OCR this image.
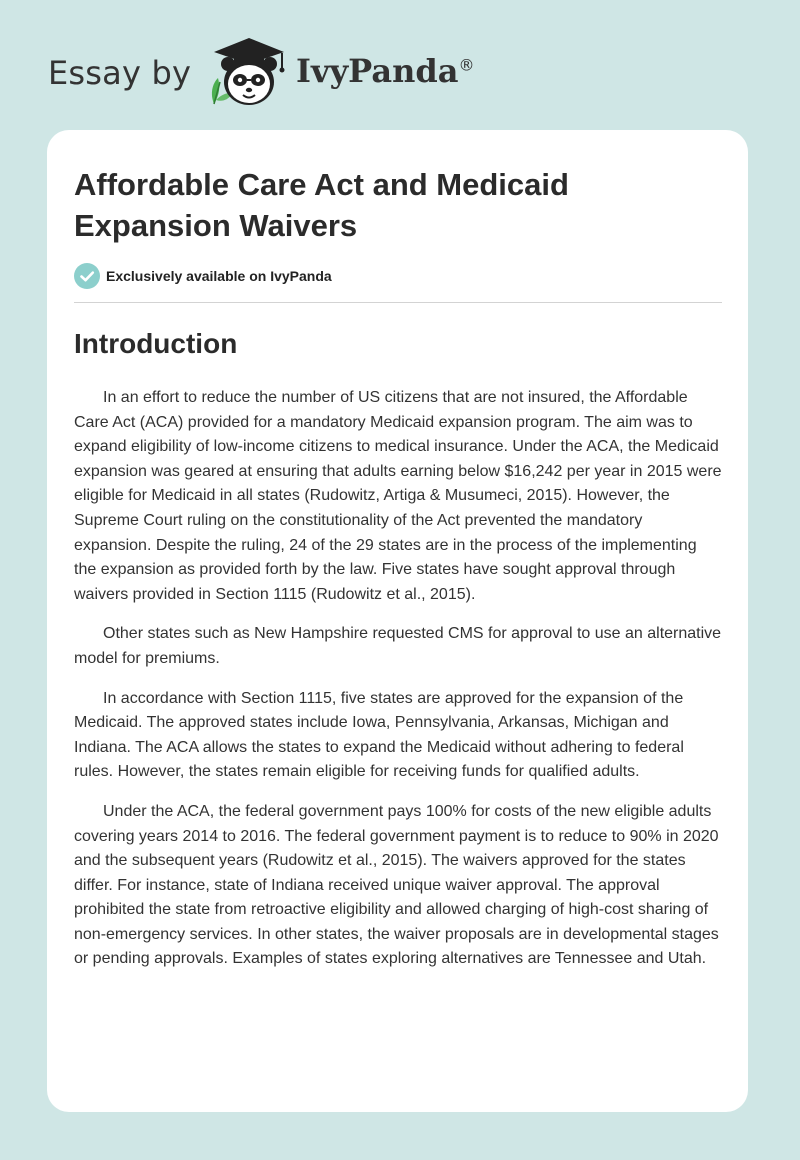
Essay by	IvyPanda®
Affordable Care Act and Medicaid Expansion Waivers
Exclusively available on IvyPanda
Introduction

In an effort to reduce the number of US citizens that are not insured, the Affordable Care Act (ACA) provided for a mandatory Medicaid expansion program. The aim was to expand eligibility of low-income citizens to medical insurance. Under the ACA, the Medicaid expansion was geared at ensuring that adults earning below $16,242 per year in 2015 were eligible for Medicaid in all states (Rudowitz, Artiga & Musumeci, 2015). However, the Supreme Court ruling on the constitutionality of the Act prevented the mandatory expansion. Despite the ruling, 24 of the 29 states are in the process of the implementing the expansion as provided forth by the law. Five states have sought approval through waivers provided in Section 1115 (Rudowitz et al., 2015).

Other states such as New Hampshire requested CMS for approval to use an alternative model for premiums.

In accordance with Section 1115, five states are approved for the expansion of the Medicaid. The approved states include Iowa, Pennsylvania, Arkansas, Michigan and Indiana. The ACA allows the states to expand the Medicaid without adhering to federal rules. However, the states remain eligible for receiving funds for qualified adults.

Under the ACA, the federal government pays 100% for costs of the new eligible adults covering years 2014 to 2016. The federal government payment is to reduce to 90% in 2020 and the subsequent years (Rudowitz et al., 2015). The waivers approved for the states differ. For instance, state of Indiana received unique waiver approval. The approval prohibited the state from retroactive eligibility and allowed charging of high-cost sharing of non-emergency services. In other states, the waiver proposals are in developmental stages or pending approvals. Examples of states exploring alternatives are Tennessee and Utah.
